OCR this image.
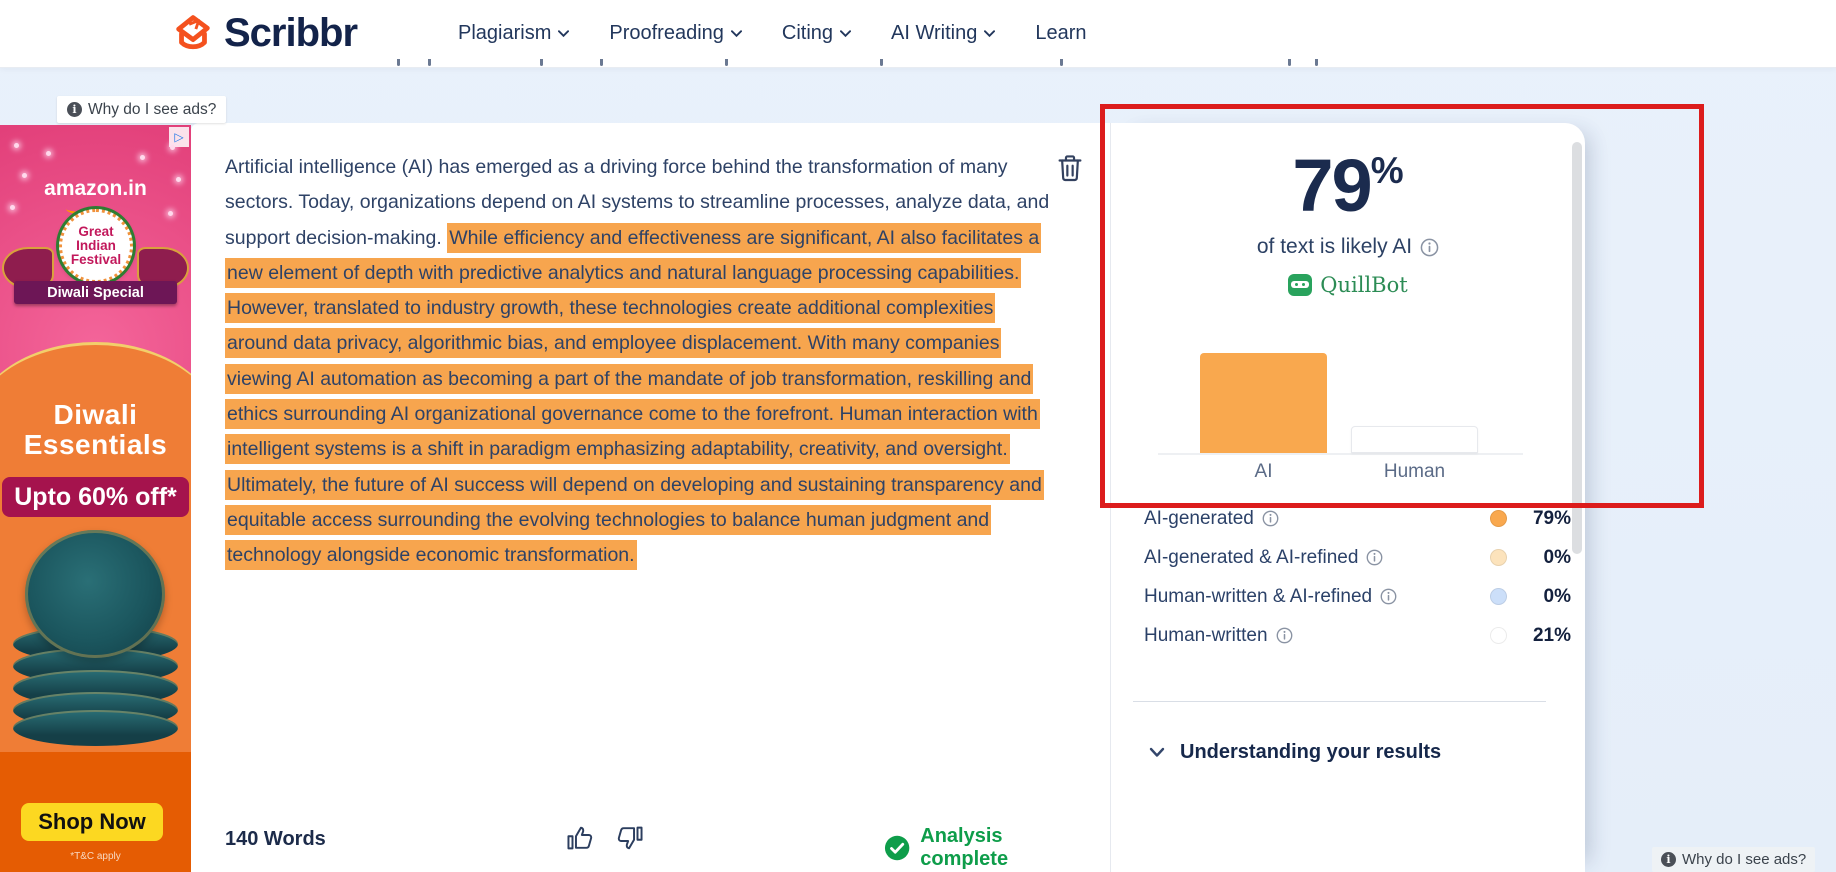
Scribbr	Plagiarism	Proofreading	Citing	AI Writing	Learn
i Why do I see ads?
▷
amazon.in
Great
Indian
Festival
Diwali Special
Diwali
Essentials
Upto 60% off*
Shop Now
*T&C apply
Artificial intelligence (AI) has emerged as a driving force behind the transformation of many sectors. Today, organizations depend on AI systems to streamline processes, analyze data, and support decision-making. While efficiency and effectiveness are significant, AI also facilitates a new element of depth with predictive analytics and natural language processing capabilities. However, translated to industry growth, these technologies create additional complexities around data privacy, algorithmic bias, and employee displacement. With many companies viewing AI automation as becoming a part of the mandate of job transformation, reskilling and ethics surrounding AI organizational governance come to the forefront. Human interaction with intelligent systems is a shift in paradigm emphasizing adaptability, creativity, and oversight. Ultimately, the future of AI success will depend on developing and sustaining transparency and equitable access surrounding the evolving technologies to balance human judgment and technology alongside economic transformation.
140 Words	Analysis complete
79%
of text is likely AI
QuillBot
AI	Human
AI-generated	79%
AI-generated & AI-refined	0%
Human-written & AI-refined	0%
Human-written	21%
Understanding your results
i Why do I see ads?
